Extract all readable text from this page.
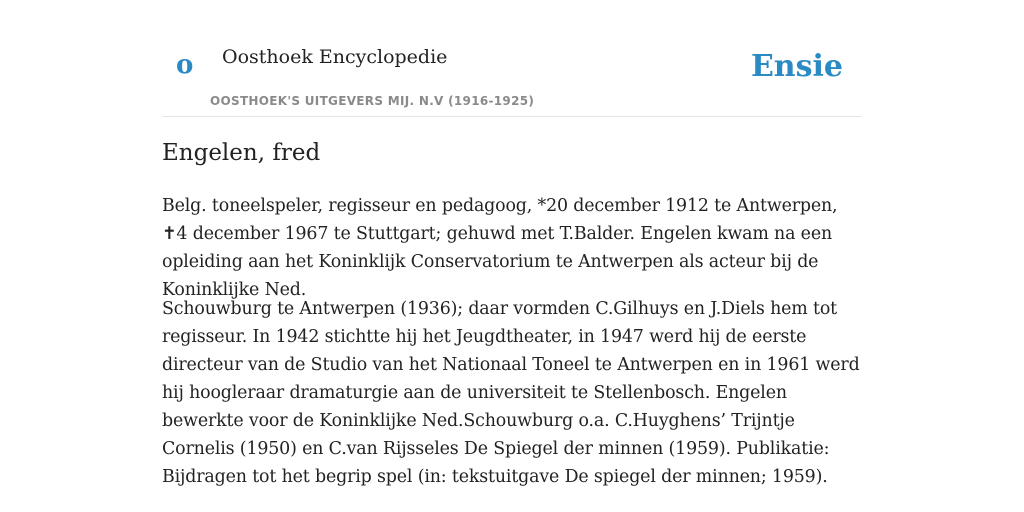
o Oosthoek Encyclopedie
OOSTHOEK'S UITGEVERS MIJ. N.V (1916-1925)
Ensie
Engelen, fred

Belg. toneelspeler, regisseur en pedagoog, *20 december 1912 te Antwerpen, ✝4 december 1967 te Stuttgart; gehuwd met T.Balder. Engelen kwam na een opleiding aan het Koninklijk Conservatorium te Antwerpen als acteur bij de Koninklijke Ned.

Schouwburg te Antwerpen (1936); daar vormden C.Gilhuys en J.Diels hem tot regisseur. In 1942 stichtte hij het Jeugdtheater, in 1947 werd hij de eerste directeur van de Studio van het Nationaal Toneel te Antwerpen en in 1961 werd hij hoogleraar dramaturgie aan de universiteit te Stellenbosch. Engelen bewerkte voor de Koninklijke Ned.Schouwburg o.a. C.Huyghens’ Trijntje Cornelis (1950) en C.van Rijsseles De Spiegel der minnen (1959). Publikatie: Bijdragen tot het begrip spel (in: tekstuitgave De spiegel der minnen; 1959).
